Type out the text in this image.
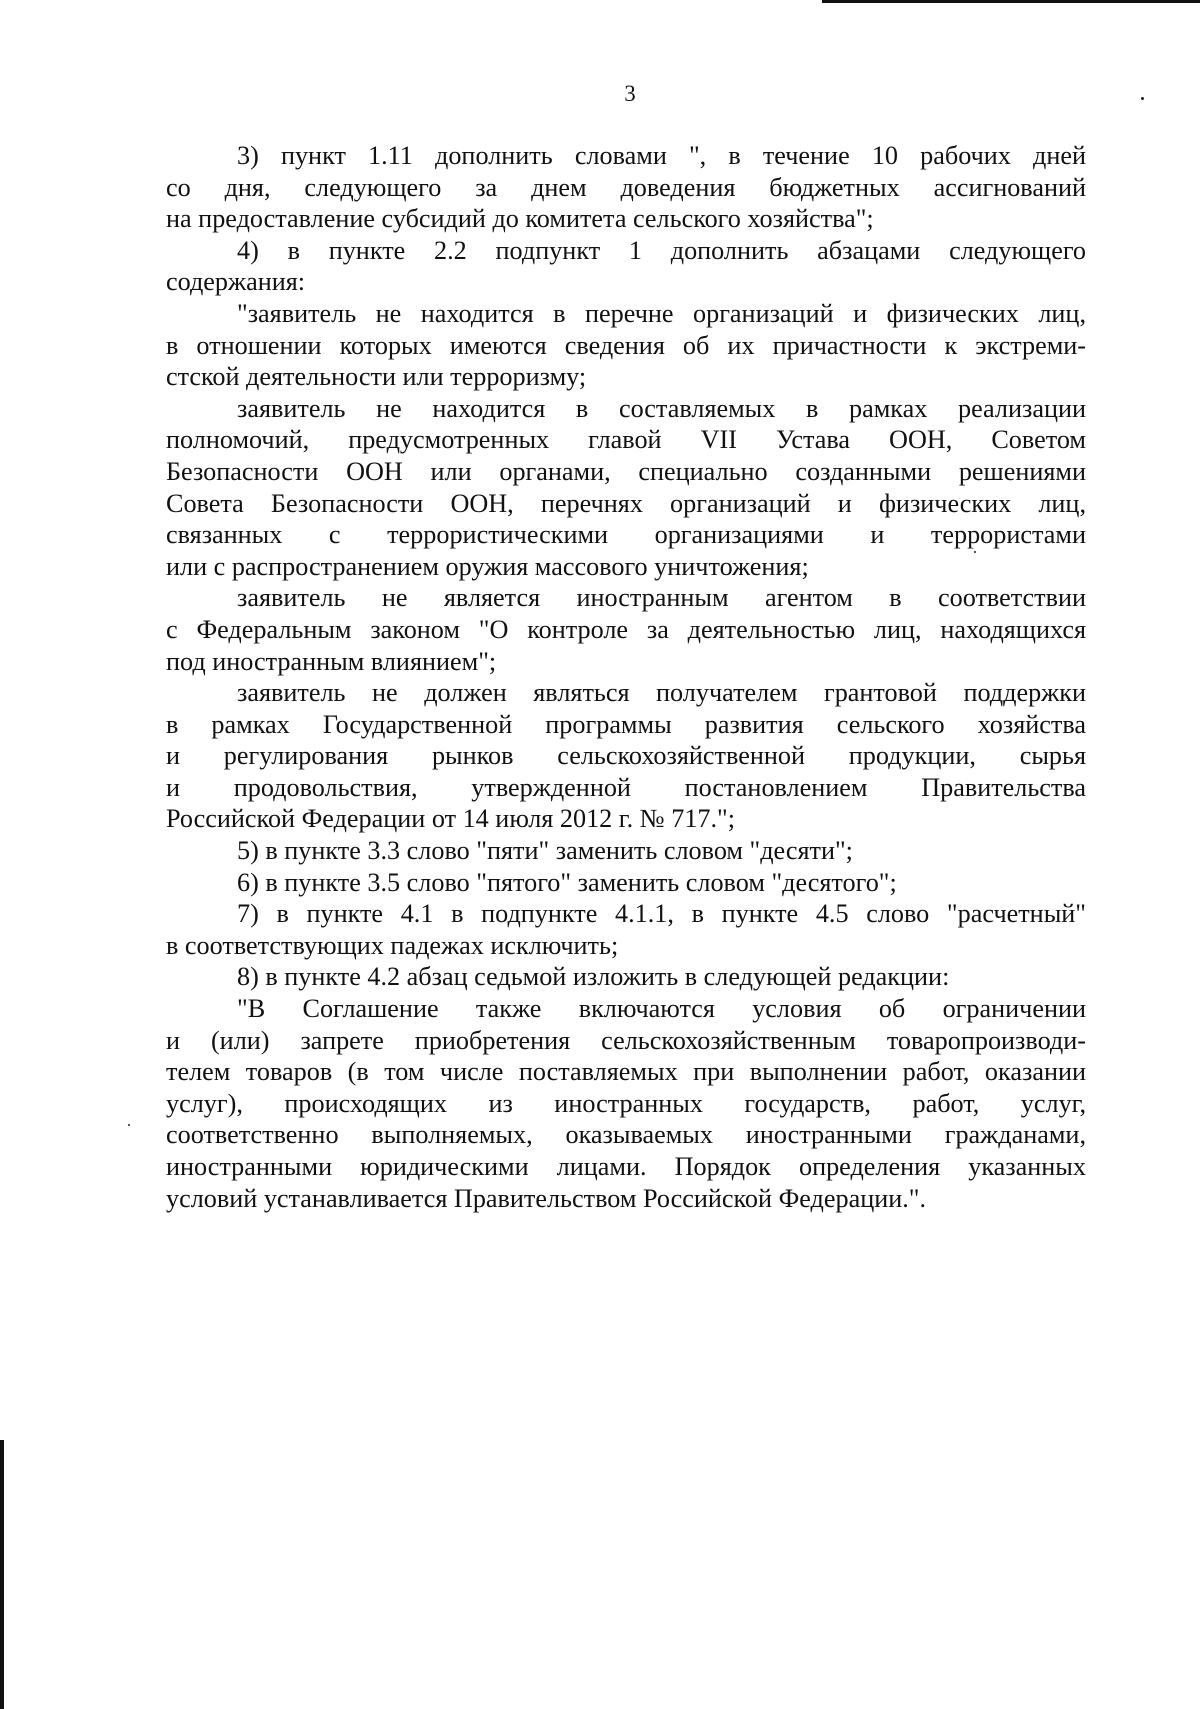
3
3) пункт 1.11 дополнить словами ", в течение 10 рабочих дней
со дня, следующего за днем доведения бюджетных ассигнований
на предоставление субсидий до комитета сельского хозяйства";
4) в пункте 2.2 подпункт 1 дополнить абзацами следующего
содержания:
"заявитель не находится в перечне организаций и физических лиц,
в отношении которых имеются сведения об их причастности к экстреми-
стской деятельности или терроризму;
заявитель не находится в составляемых в рамках реализации
полномочий, предусмотренных главой VII Устава ООН, Советом
Безопасности ООН или органами, специально созданными решениями
Совета Безопасности ООН, перечнях организаций и физических лиц,
связанных с террористическими организациями и террористами
или с распространением оружия массового уничтожения;
заявитель не является иностранным агентом в соответствии
с Федеральным законом "О контроле за деятельностью лиц, находящихся
под иностранным влиянием";
заявитель не должен являться получателем грантовой поддержки
в рамках Государственной программы развития сельского хозяйства
и регулирования рынков сельскохозяйственной продукции, сырья
и продовольствия, утвержденной постановлением Правительства
Российской Федерации от 14 июля 2012 г. № 717.";
5) в пункте 3.3 слово "пяти" заменить словом "десяти";
6) в пункте 3.5 слово "пятого" заменить словом "десятого";
7) в пункте 4.1 в подпункте 4.1.1, в пункте 4.5 слово "расчетный"
в соответствующих падежах исключить;
8) в пункте 4.2 абзац седьмой изложить в следующей редакции:
"В Соглашение также включаются условия об ограничении
и (или) запрете приобретения сельскохозяйственным товаропроизводи-
телем товаров (в том числе поставляемых при выполнении работ, оказании
услуг), происходящих из иностранных государств, работ, услуг,
соответственно выполняемых, оказываемых иностранными гражданами,
иностранными юридическими лицами. Порядок определения указанных
условий устанавливается Правительством Российской Федерации.".
